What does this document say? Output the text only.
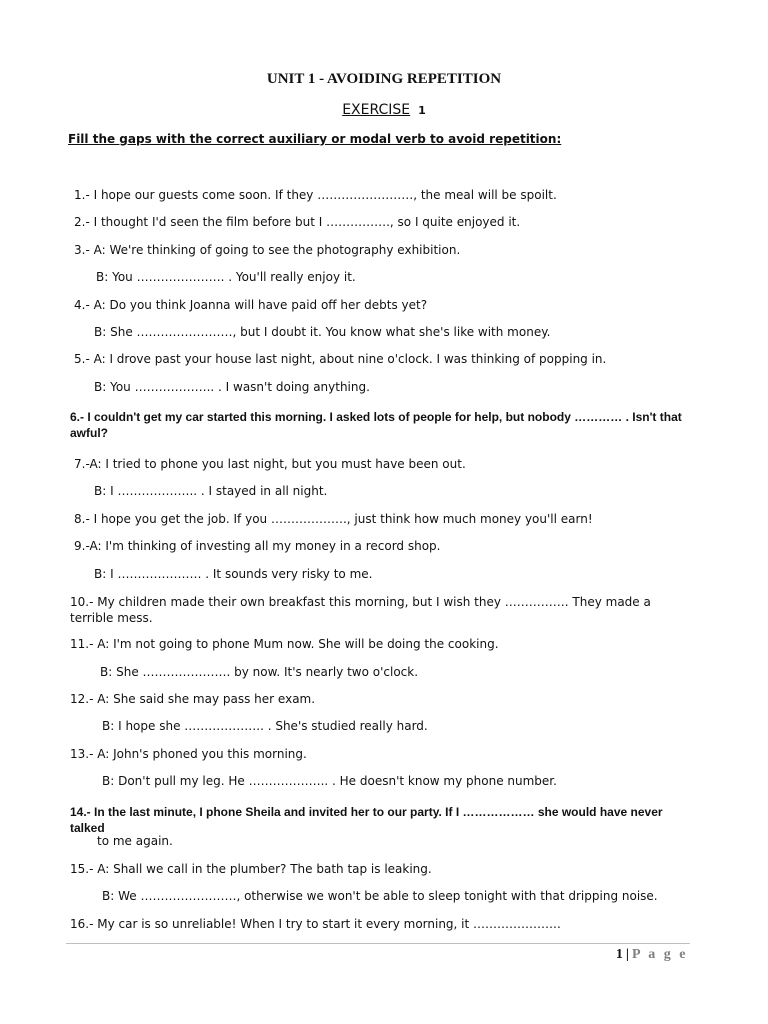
UNIT 1 - AVOIDING REPETITION
EXERCISE 1
Fill the gaps with the correct auxiliary or modal verb to avoid repetition:
1.- I hope our guests come soon. If they ……………………, the meal will be spoilt.
2.- I thought I'd seen the film before but I ……………., so I quite enjoyed it.
3.- A: We're thinking of going to see the photography exhibition.
B: You …………………. . You'll really enjoy it.
4.- A: Do you think Joanna will have paid off her debts yet?
B: She ……………………, but I doubt it. You know what she's like with money.
5.- A: I drove past your house last night, about nine o'clock. I was thinking of popping in.
B: You ……………….. . I wasn't doing anything.
6.- I couldn't get my car started this morning. I asked lots of people for help, but nobody ………… . Isn't that awful?
7.-A: I tried to phone you last night, but you must have been out.
B: I ……………….. . I stayed in all night.
8.- I hope you get the job. If you ………………., just think how much money you'll earn!
9.-A: I'm thinking of investing all my money in a record shop.
B: I ………………… . It sounds very risky to me.
10.- My children made their own breakfast this morning, but I wish they ……………. They made a terrible mess.
11.- A: I'm not going to phone Mum now. She will be doing the cooking.
B: She …………………. by now. It's nearly two o'clock.
12.- A: She said she may pass her exam.
B: I hope she ……………….. . She's studied really hard.
13.- A: John's phoned you this morning.
B: Don't pull my leg. He ……………….. . He doesn't know my phone number.
14.- In the last minute, I phone Sheila and invited her to our party. If I ……………… she would have never talked
to me again.
15.- A: Shall we call in the plumber? The bath tap is leaking.
B: We ……………………, otherwise we won't be able to sleep tonight with that dripping noise.
16.- My car is so unreliable! When I try to start it every morning, it ………………….
1 | P a g e
